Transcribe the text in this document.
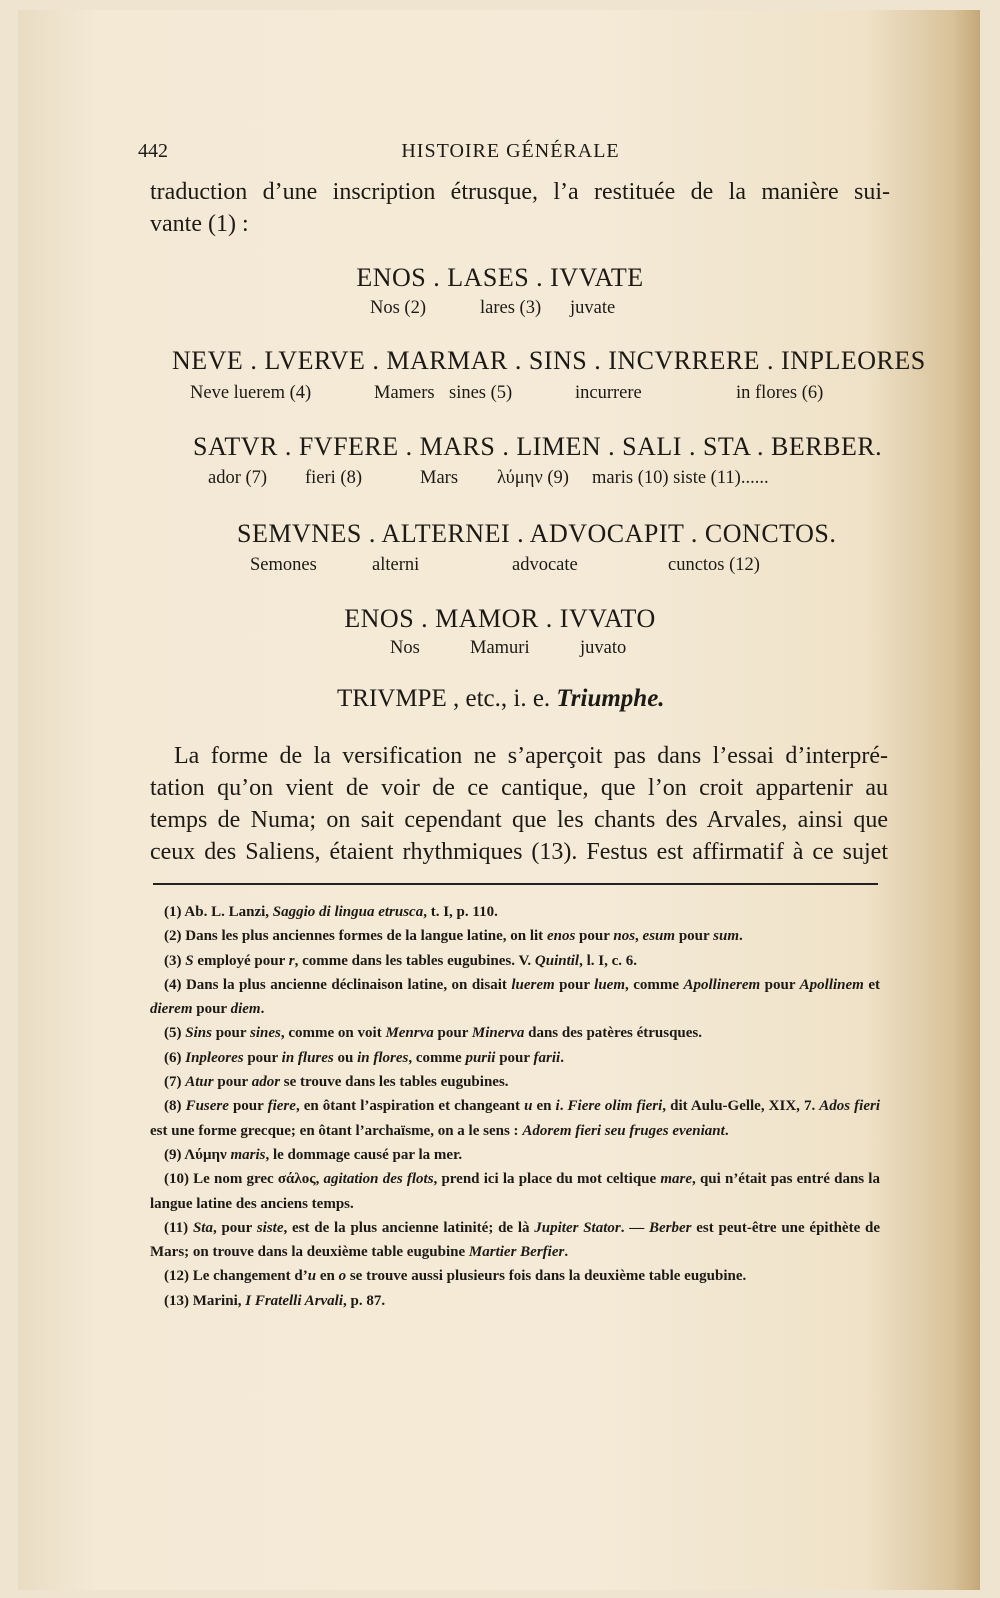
442	HISTOIRE GÉNÉRALE
traduction d’une inscription étrusque, l’a restituée de la manière sui-
vante (1) :
ENOS . LASES . IVVATE
Nos (2)	lares (3) juvate
NEVE . LVERVE . MARMAR . SINS . INCVRRERE . INPLEORES
Neve luerem (4)	Mamers sines (5)	incurrere	in flores (6)
SATVR . FVFERE . MARS . LIMEN . SALI . STA . BERBER.
ador (7) fieri (8)	Mars λύμην (9) maris (10) siste (11)......
SEMVNES . ALTERNEI . ADVOCAPIT . CONCTOS.
Semones	alterni	advocate	cunctos (12)
ENOS . MAMOR . IVVATO
Nos	Mamuri	juvato
TRIVMPE , etc., i. e. Triumphe.
La forme de la versification ne s’aperçoit pas dans l’essai d’interpré-
tation qu’on vient de voir de ce cantique, que l’on croit appartenir au
temps de Numa; on sait cependant que les chants des Arvales, ainsi que
ceux des Saliens, étaient rhythmiques (13). Festus est affirmatif à ce sujet
(1) Ab. L. Lanzi, Saggio di lingua etrusca, t. I, p. 110.
(2) Dans les plus anciennes formes de la langue latine, on lit enos pour nos, esum pour sum.
(3) S employé pour r, comme dans les tables eugubines. V. Quintil, l. I, c. 6.
(4) Dans la plus ancienne déclinaison latine, on disait luerem pour luem, comme Apollinerem pour Apollinem et dierem pour diem.
(5) Sins pour sines, comme on voit Menrva pour Minerva dans des patères étrusques.
(6) Inpleores pour in flures ou in flores, comme purii pour farii.
(7) Atur pour ador se trouve dans les tables eugubines.
(8) Fusere pour fiere, en ôtant l’aspiration et changeant u en i. Fiere olim fieri, dit Aulu-Gelle, XIX, 7. Ados fieri est une forme grecque; en ôtant l’archaïsme, on a le sens : Adorem fieri seu fruges eveniant.
(9) Λύμην maris, le dommage causé par la mer.
(10) Le nom grec σάλος, agitation des flots, prend ici la place du mot celtique mare, qui n’était pas entré dans la langue latine des anciens temps.
(11) Sta, pour siste, est de la plus ancienne latinité; de là Jupiter Stator. — Berber est peut-être une épithète de Mars; on trouve dans la deuxième table eugubine Martier Berfier.
(12) Le changement d’u en o se trouve aussi plusieurs fois dans la deuxième table eugubine.
(13) Marini, I Fratelli Arvali, p. 87.
